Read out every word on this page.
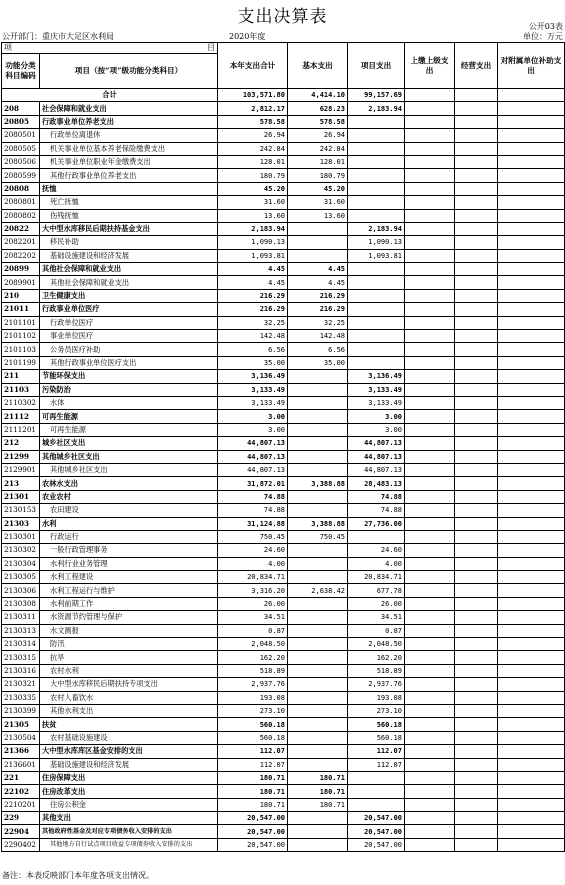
支出决算表	公开03表
公开部门：重庆市大足区水利局	2020年度	单位：万元
项 目		本年支出合计	基本支出	项目支出	上缴上级支出	经营支出	对附属单位补助支出
功能分类科目编码	项目（按“项”级功能分类科目）						
合计		103,571.80	4,414.10	99,157.69			
208	社会保障和就业支出	2,812.17	628.23	2,183.94			
20805	行政事业单位养老支出	578.58	578.58				
2080501	行政单位离退休	26.94	26.94				
2080505	机关事业单位基本养老保险缴费支出	242.84	242.84				
2080506	机关事业单位职业年金缴费支出	128.01	128.01				
2080599	其他行政事业单位养老支出	180.79	180.79				
20808	抚恤	45.20	45.20				
2080801	死亡抚恤	31.60	31.60				
2080802	伤残抚恤	13.60	13.60				
20822	大中型水库移民后期扶持基金支出	2,183.94		2,183.94			
2082201	移民补助	1,090.13		1,090.13			
2082202	基础设施建设和经济发展	1,093.81		1,093.81			
20899	其他社会保障和就业支出	4.45	4.45				
2089901	其他社会保障和就业支出	4.45	4.45				
210	卫生健康支出	216.29	216.29				
21011	行政事业单位医疗	216.29	216.29				
2101101	行政单位医疗	32.25	32.25				
2101102	事业单位医疗	142.48	142.48				
2101103	公务员医疗补助	6.56	6.56				
2101199	其他行政事业单位医疗支出	35.00	35.00				
211	节能环保支出	3,136.49		3,136.49			
21103	污染防治	3,133.49		3,133.49			
2110302	水体	3,133.49		3,133.49			
21112	可再生能源	3.00		3.00			
2111201	可再生能源	3.00		3.00			
212	城乡社区支出	44,807.13		44,807.13			
21299	其他城乡社区支出	44,807.13		44,807.13			
2129901	其他城乡社区支出	44,807.13		44,807.13			
213	农林水支出	31,872.01	3,388.88	28,483.13			
21301	农业农村	74.88		74.88			
2130153	农田建设	74.88		74.88			
21303	水利	31,124.88	3,388.88	27,736.00			
2130301	行政运行	750.45	750.45				
2130302	一般行政管理事务	24.60		24.60			
2130304	水利行业业务管理	4.00		4.00			
2130305	水利工程建设	20,834.71		20,834.71			
2130306	水利工程运行与维护	3,316.20	2,638.42	677.78			
2130308	水利前期工作	26.00		26.00			
2130311	水资源节约管理与保护	34.51		34.51			
2130313	水文测报	0.87		0.87			
2130314	防汛	2,048.50		2,048.50			
2130315	抗旱	162.20		162.20			
2130316	农村水利	518.89		518.89			
2130321	大中型水库移民后期扶持专项支出	2,937.76		2,937.76			
2130335	农村人畜饮水	193.08		193.08			
2130399	其他水利支出	273.10		273.10			
21305	扶贫	560.18		560.18			
2130504	农村基础设施建设	560.18		560.18			
21366	大中型水库库区基金安排的支出	112.07		112.07			
2136601	基础设施建设和经济发展	112.07		112.07			
221	住房保障支出	180.71	180.71				
22102	住房改革支出	180.71	180.71				
2210201	住房公积金	180.71	180.71				
229	其他支出	20,547.00		20,547.00			
22904	其他政府性基金及对应专项债务收入安排的支出	20,547.00		20,547.00			
2290402	其他地方自行试点项目收益专项债券收入安排的支出	20,547.00		20,547.00			
备注：本表反映部门本年度各项支出情况。
